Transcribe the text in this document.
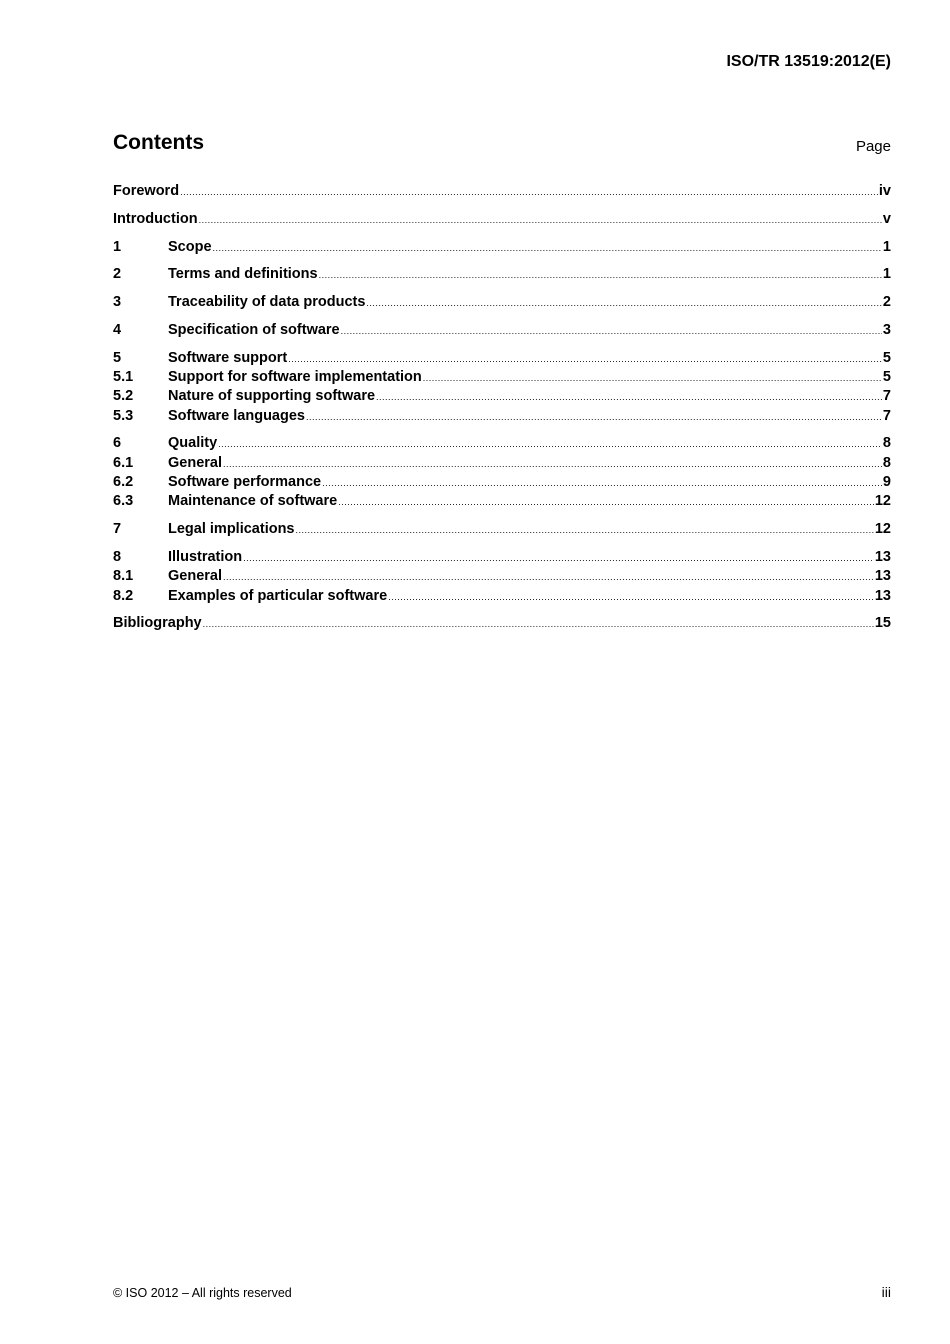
ISO/TR 13519:2012(E)
Contents	Page
Foreword .....	iv
Introduction .....	v
1	Scope .....	1
2	Terms and definitions .....	1
3	Traceability of data products .....	2
4	Specification of software .....	3
5	Software support .....	5
5.1	Support for software implementation .....	5
5.2	Nature of supporting software .....	7
5.3	Software languages .....	7
6	Quality .....	8
6.1	General .....	8
6.2	Software performance .....	9
6.3	Maintenance of software .....	12
7	Legal implications .....	12
8	Illustration .....	13
8.1	General .....	13
8.2	Examples of particular software .....	13
Bibliography .....	15
© ISO 2012 – All rights reserved	iii
